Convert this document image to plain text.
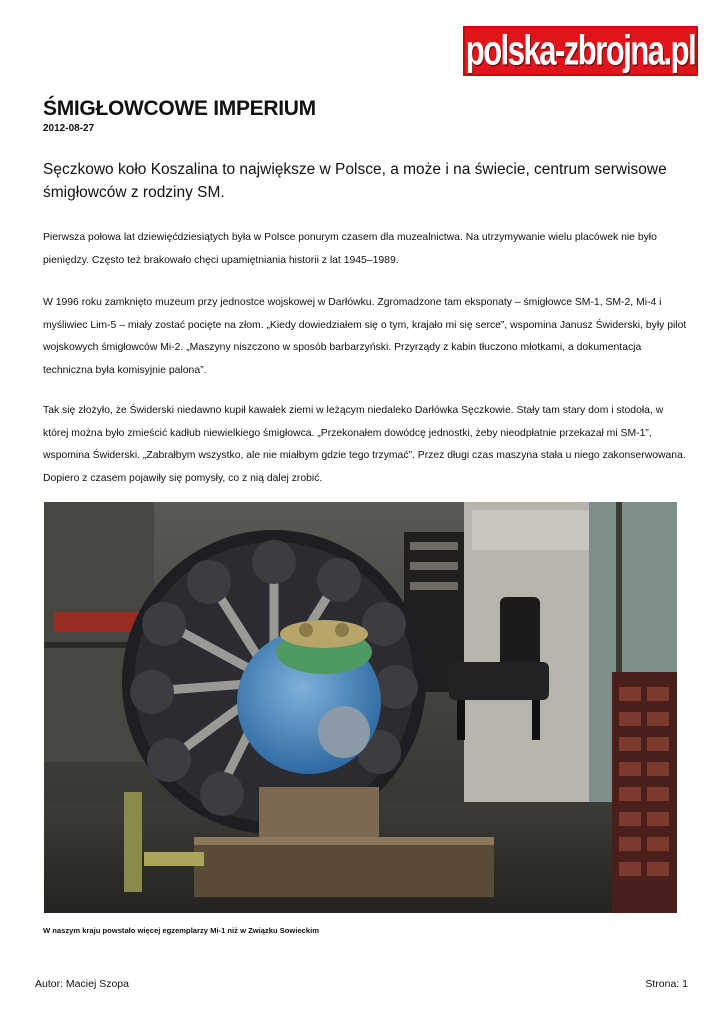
polska-zbrojna.pl
ŚMIGŁOWCOWE IMPERIUM
2012-08-27

Sęczkowo koło Koszalina to największe w Polsce, a może i na świecie, centrum serwisowe śmigłowców z rodziny SM.

Pierwsza połowa lat dziewięćdziesiątych była w Polsce ponurym czasem dla muzealnictwa. Na utrzymywanie wielu placówek nie było pieniędzy. Często też brakowało chęci upamiętniania historii z lat 1945–1989.

W 1996 roku zamknięto muzeum przy jednostce wojskowej w Darłówku. Zgromadzone tam eksponaty – śmigłowce SM-1, SM-2, Mi-4 i myśliwiec Lim-5 – miały zostać pocięte na złom. „Kiedy dowiedziałem się o tym, krajało mi się serce”, wspomina Janusz Świderski, były pilot wojskowych śmigłowców Mi-2. „Maszyny niszczono w sposób barbarzyński. Przyrządy z kabin tłuczono młotkami, a dokumentacja techniczna była komisyjnie palona”.

Tak się złożyło, że Świderski niedawno kupił kawałek ziemi w leżącym niedaleko Darłówka Sęczkowie. Stały tam stary dom i stodoła, w której można było zmieścić kadłub niewielkiego śmigłowca. „Przekonałem dowódcę jednostki, żeby nieodpłatnie przekazał mi SM-1”, wspomina Świderski. „Zabrałbym wszystko, ale nie miałbym gdzie tego trzymać”. Przez długi czas maszyna stała u niego zakonserwowana. Dopiero z czasem pojawiły się pomysły, co z nią dalej zrobić.

W naszym kraju powstało więcej egzemplarzy Mi-1 niż w Związku Sowieckim
Autor: Maciej Szopa	Strona: 1
